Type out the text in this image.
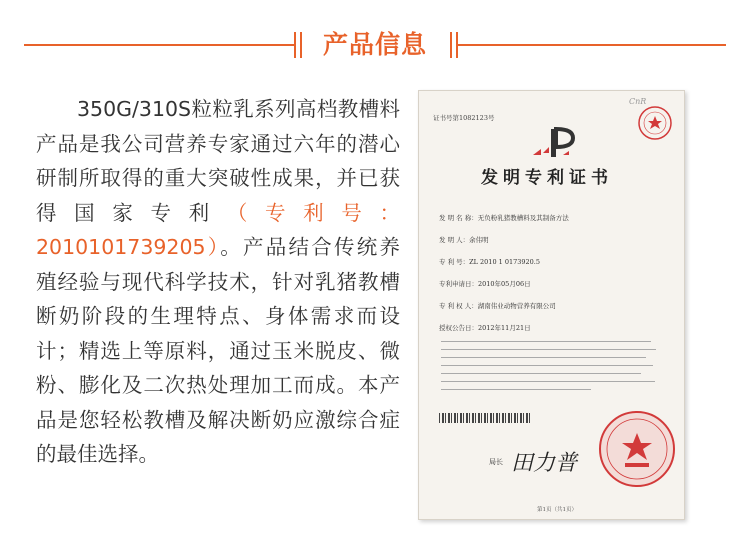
产品信息
  350G/310S粒粒乳系列高档教槽料产品是我公司营养专家通过六年的潜心研制所取得的重大突破性成果，并已获得国家专利（专利号：2010101739205）。产品结合传统养殖经验与现代科学技术，针对乳猪教槽断奶阶段的生理特点、身体需求而设计；精选上等原料，通过玉米脱皮、微粉、膨化及二次热处理加工而成。本产品是您轻松教槽及解决断奶应激综合症的最佳选择。
CnR
证书号第1082123号
发明专利证书
发 明 名 称：无负粉乳猪教槽料及其制备方法
发 明 人：余伟明
专 利 号：ZL 2010 1 0173920.5
专利申请日：2010年05月06日
专 利 权 人：湖南伟业动物营养有限公司
授权公告日：2012年11月21日
局长 田力普
第1页（共1页）
